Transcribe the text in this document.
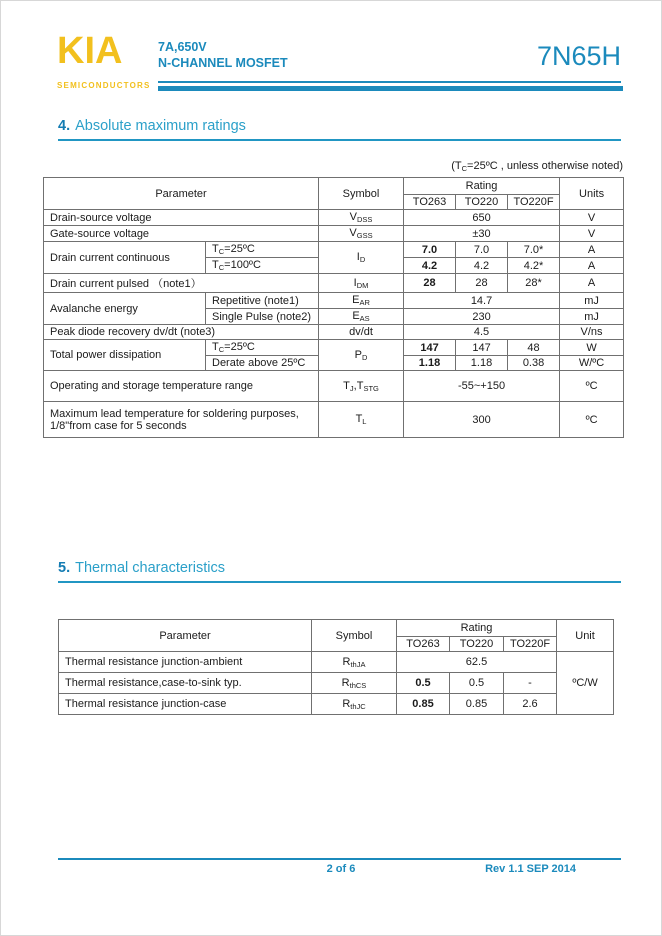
KIA
SEMICONDUCTORS
7A,650V
N-CHANNEL MOSFET	7N65H
4. Absolute maximum ratings
($T_C=25ºC$ , unless otherwise noted)
Parameter		Symbol	Rating			Units
			TO263	TO220	TO220F	
Drain-source voltage		$V_{DSS}$	650			V
Gate-source voltage		$V_{GSS}$	±30			V
Drain current continuous	$T_C=25ºC$	$I_D$	7.0	7.0	7.0*	A
	$T_C=100ºC$		4.2	4.2	4.2*	A
Drain current pulsed （note1）		$I_{DM}$	28	28	28*	A
Avalanche energy	Repetitive (note1)	$E_{AR}$	14.7			mJ
	Single Pulse (note2)	$E_{AS}$	230			mJ
Peak diode recovery dv/dt (note3)		dv/dt	4.5			V/ns
Total power dissipation	$T_C=25ºC$	$P_D$	147	147	48	W
	Derate above 25ºC		1.18	1.18	0.38	W/ºC
Operating and storage temperature range		$T_J,T_{STG}$	-55~+150			ºC

Maximum lead temperature for soldering purposes,
1/8"from case for 5 seconds		$T_L$	300			ºC
5. Thermal characteristics
Parameter	Symbol	Rating			Unit
		TO263	TO220	TO220F	
Thermal resistance junction-ambient	$R_{thJA}$	62.5			ºC/W
Thermal resistance,case-to-sink typ.	$R_{thCS}$	0.5	0.5	-	
Thermal resistance junction-case	$R_{thJC}$	0.85	0.85	2.6	
2 of 6	Rev 1.1 SEP 2014
